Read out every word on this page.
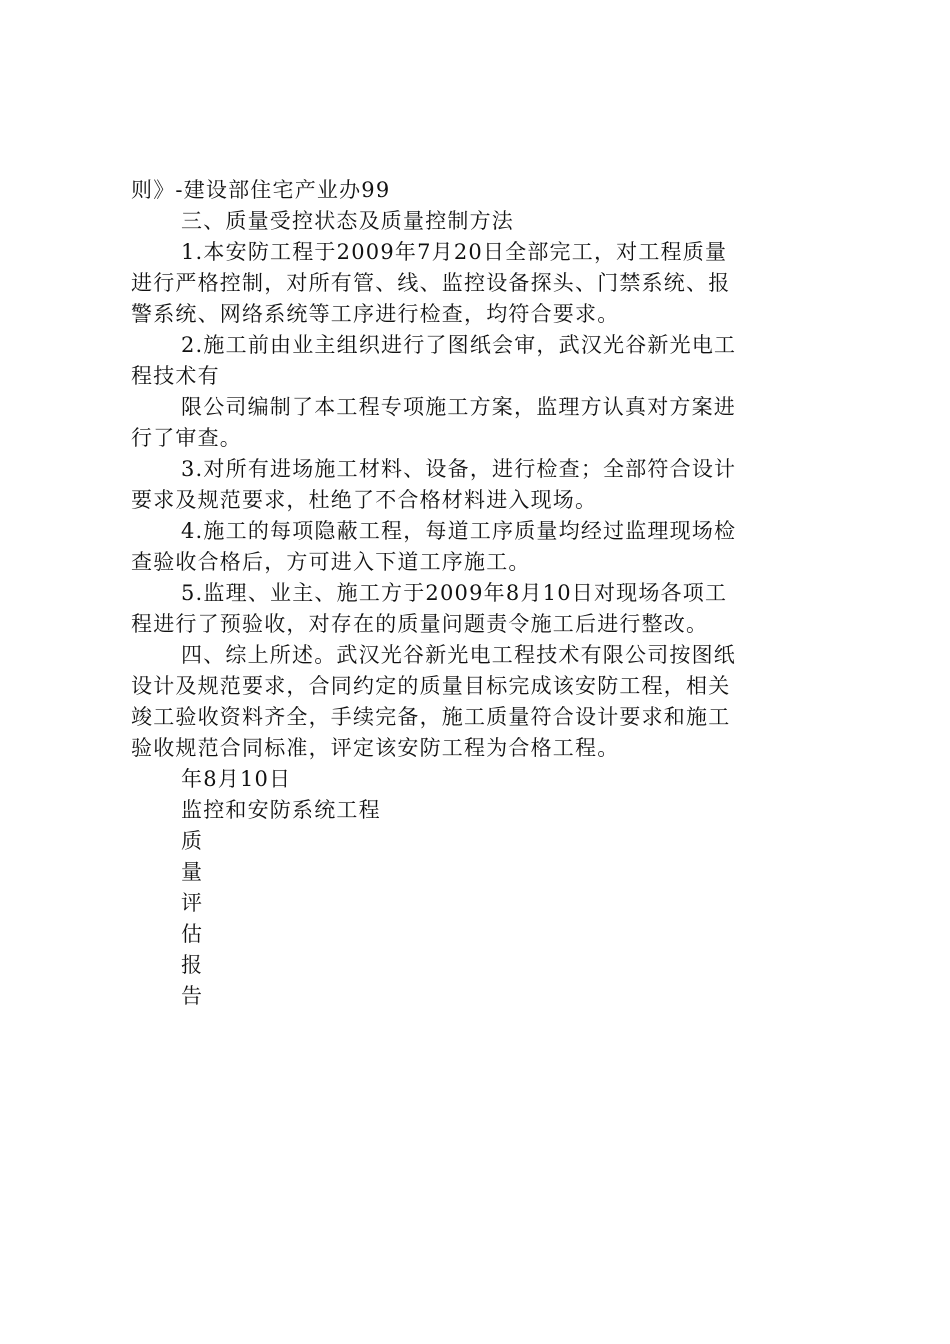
则》-建设部住宅产业办99
三、质量受控状态及质量控制方法
1.本安防工程于2009年7月20日全部完工，对工程质量
进行严格控制，对所有管、线、监控设备探头、门禁系统、报
警系统、网络系统等工序进行检查，均符合要求。
2.施工前由业主组织进行了图纸会审，武汉光谷新光电工
程技术有
限公司编制了本工程专项施工方案，监理方认真对方案进
行了审查。
3.对所有进场施工材料、设备，进行检查；全部符合设计
要求及规范要求，杜绝了不合格材料进入现场。
4.施工的每项隐蔽工程，每道工序质量均经过监理现场检
查验收合格后，方可进入下道工序施工。
5.监理、业主、施工方于2009年8月10日对现场各项工
程进行了预验收，对存在的质量问题责令施工后进行整改。
四、综上所述。武汉光谷新光电工程技术有限公司按图纸
设计及规范要求，合同约定的质量目标完成该安防工程，相关
竣工验收资料齐全，手续完备，施工质量符合设计要求和施工
验收规范合同标准，评定该安防工程为合格工程。
年8月10日
监控和安防系统工程
质
量
评
估
报
告
